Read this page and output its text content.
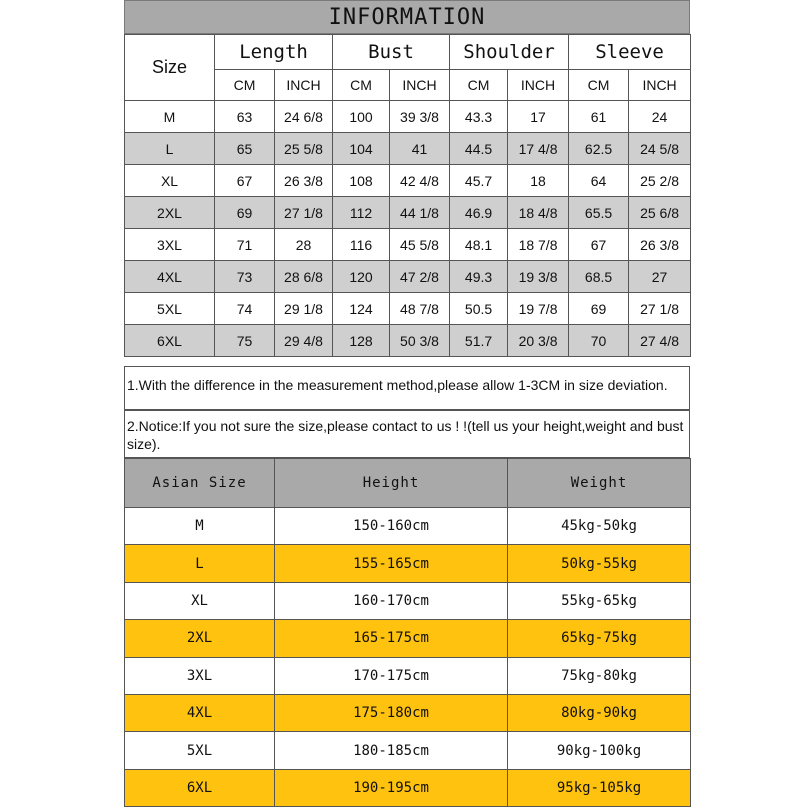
INFORMATION
Size	Length		Bust		Shoulder		Sleeve	
	CM	INCH	CM	INCH	CM	INCH	CM	INCH
M	63	24 6/8	100	39 3/8	43.3	17	61	24
L	65	25 5/8	104	41	44.5	17 4/8	62.5	24 5/8
XL	67	26 3/8	108	42 4/8	45.7	18	64	25 2/8
2XL	69	27 1/8	112	44 1/8	46.9	18 4/8	65.5	25 6/8
3XL	71	28	116	45 5/8	48.1	18 7/8	67	26 3/8
4XL	73	28 6/8	120	47 2/8	49.3	19 3/8	68.5	27
5XL	74	29 1/8	124	48 7/8	50.5	19 7/8	69	27 1/8
6XL	75	29 4/8	128	50 3/8	51.7	20 3/8	70	27 4/8
1.With the difference in the measurement method,please allow 1-3CM in size deviation.
2.Notice:If you not sure the size,please contact to us ! !(tell us your height,weight and bust size).
Asian Size	Height	Weight
M	150-160cm	45kg-50kg
L	155-165cm	50kg-55kg
XL	160-170cm	55kg-65kg
2XL	165-175cm	65kg-75kg
3XL	170-175cm	75kg-80kg
4XL	175-180cm	80kg-90kg
5XL	180-185cm	90kg-100kg
6XL	190-195cm	95kg-105kg
